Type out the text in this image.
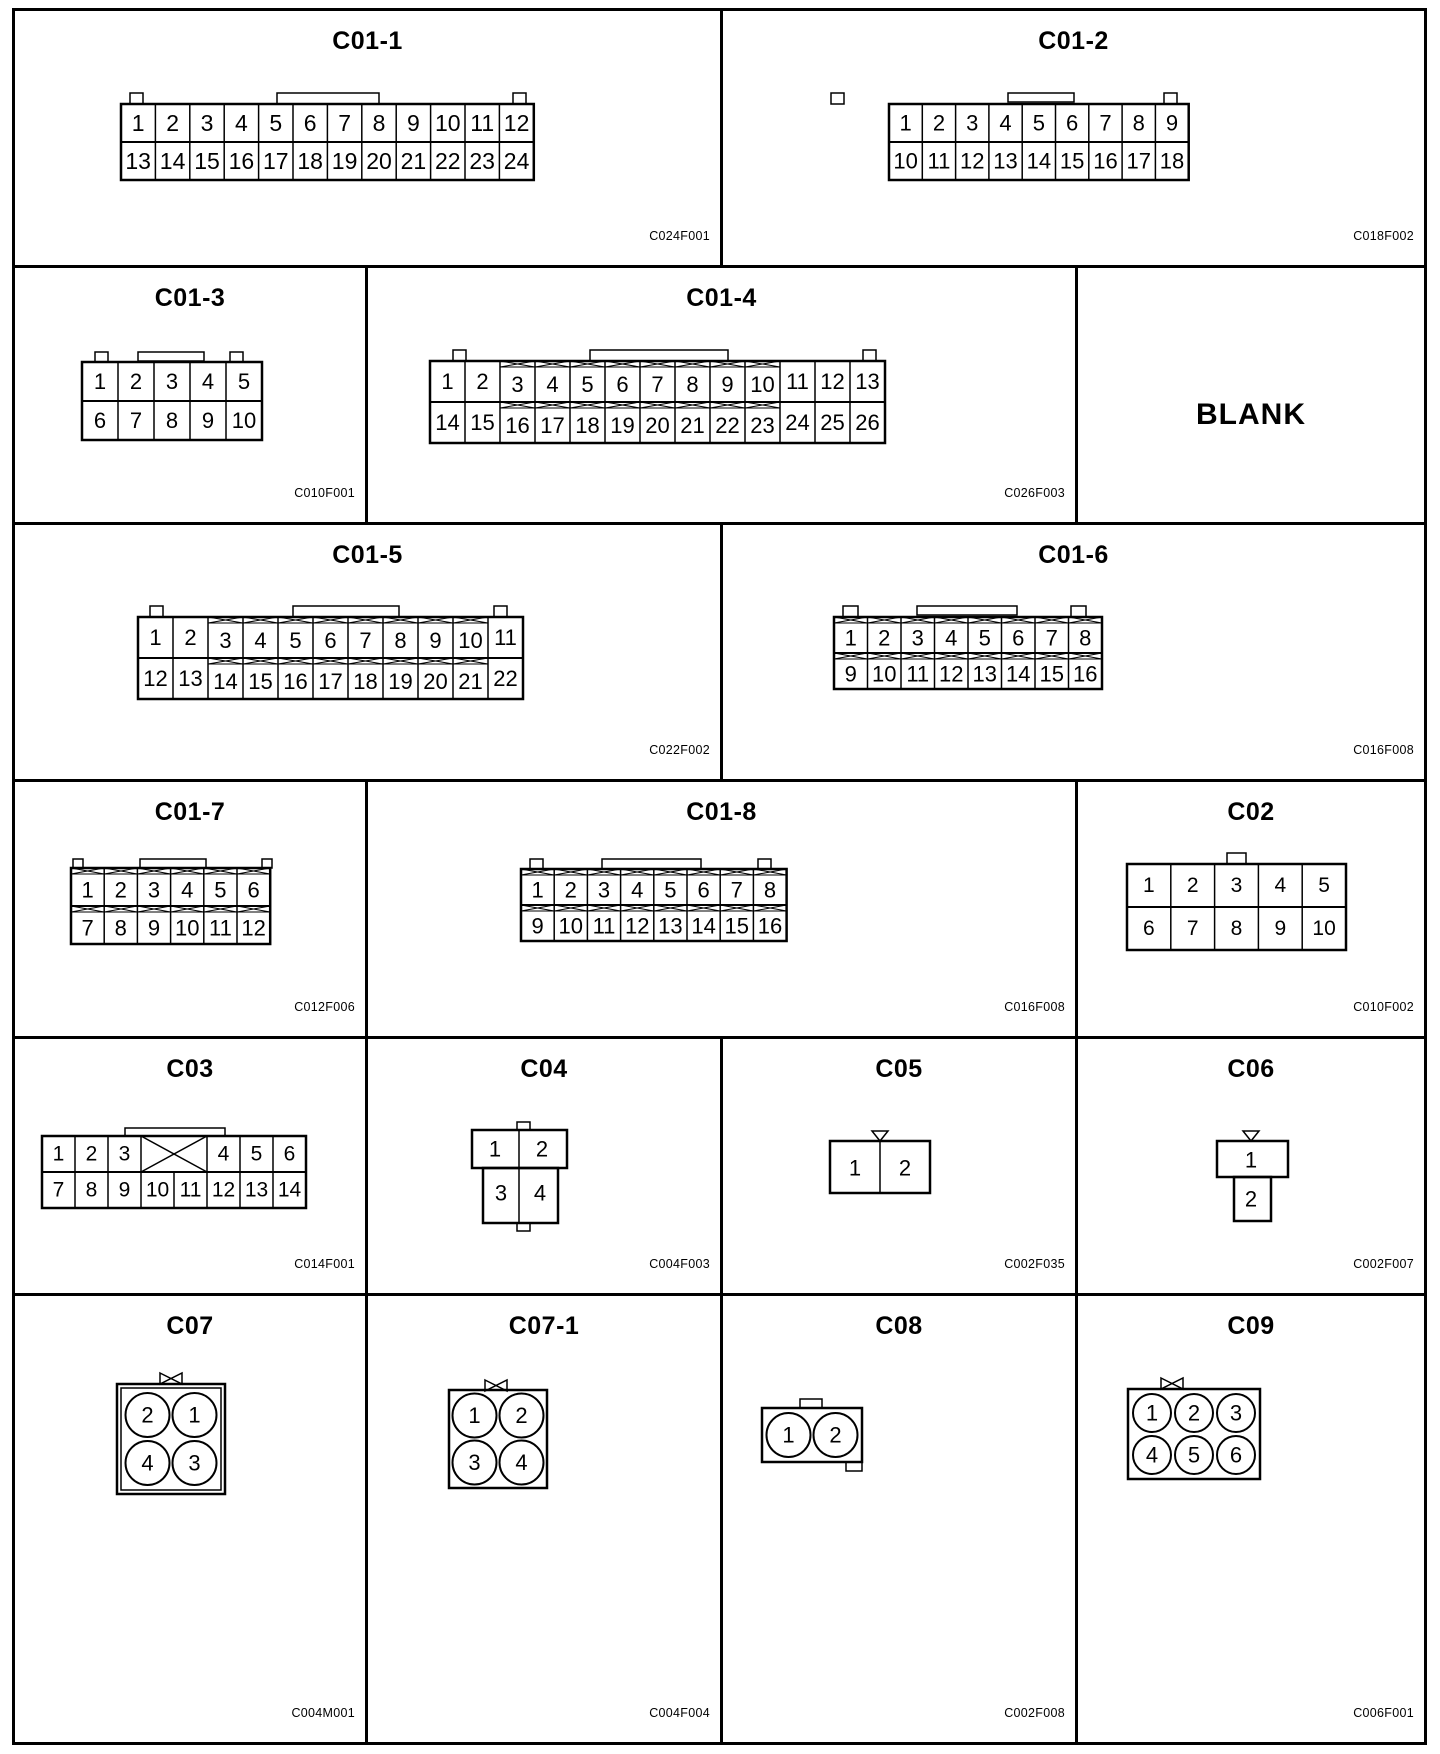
C01-1
1 2 3 4 5 6 7 8 9 10 11 12
13 14 15 16 17 18 19 20 21 22 23 24
C024F001
C01-2
1 2 3 4 5 6 7 8 9
10 11 12 13 14 15 16 17 18
C018F002
C01-3
1 2 3 4 5
6 7 8 9 10
C010F001
C01-4
1 2 3 4 5 6 7 8 9 10 11 12 13
14 15 16 17 18 19 20 21 22 23 24 25 26
C026F003
BLANK
C01-5
1 2 3 4 5 6 7 8 9 10 11
12 13 14 15 16 17 18 19 20 21 22
C022F002
C01-6
1 2 3 4 5 6 7 8
9 10 11 12 13 14 15 16
C016F008
C01-7
1 2 3 4 5 6
7 8 9 10 11 12
C012F006
C01-8
1 2 3 4 5 6 7 8
9 10 11 12 13 14 15 16
C016F008
C02
1 2 3 4 5
6 7 8 9 10
C010F002
C03
1 2 3	4 5 6
7 8 9 10 11 12 13 14
C014F001
C04
1 2
3 4
C004F003
C05
1 2
C002F035
C06
1
2
C002F007
C07
2 1
4 3
C004M001
C07-1
1 2
3 4
C004F004
C08
1 2
C002F008
C09
1 2 3
4 5 6
C006F001
